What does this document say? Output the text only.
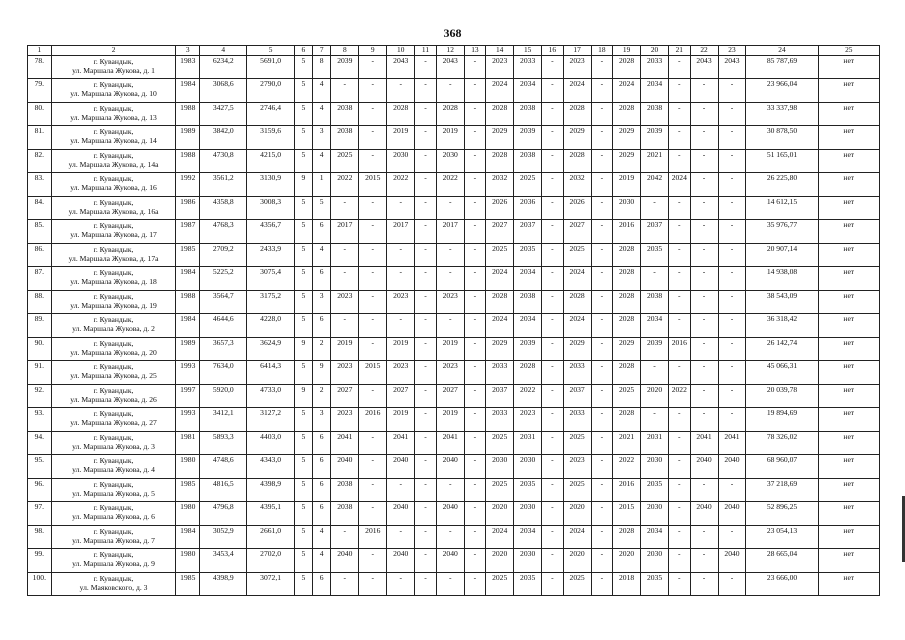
368
1	2	3	4	5	6	7	8	9	10	11	12	13	14	15	16	17	18	19	20	21	22	23	24	25
78.	г. Кувандык,
ул. Маршала Жукова, д. 1	1983	6234,2	5691,0	5	8	2039	-	2043	-	2043	-	2023	2033	-	2023	-	2028	2033	-	2043	2043	85 787,69	нет
79.	г. Кувандык,
ул. Маршала Жукова, д. 10	1984	3068,6	2790,0	5	4	-	-	-	-	-	-	2024	2034	-	2024	-	2024	2034	-	-	-	23 966,04	нет
80.	г. Кувандык,
ул. Маршала Жукова, д. 13	1988	3427,5	2746,4	5	4	2038	-	2028	-	2028	-	2028	2038	-	2028	-	2028	2038	-	-	-	33 337,98	нет
81.	г. Кувандык,
ул. Маршала Жукова, д. 14	1989	3842,0	3159,6	5	3	2038	-	2019	-	2019	-	2029	2039	-	2029	-	2029	2039	-	-	-	30 878,50	нет
82.	г. Кувандык,
ул. Маршала Жукова, д. 14а	1988	4730,8	4215,0	5	4	2025	-	2030	-	2030	-	2028	2038	-	2028	-	2029	2021	-	-	-	51 165,01	нет
83.	г. Кувандык,
ул. Маршала Жукова, д. 16	1992	3561,2	3130,9	9	1	2022	2015	2022	-	2022	-	2032	2025	-	2032	-	2019	2042	2024	-	-	26 225,80	нет
84.	г. Кувандык,
ул. Маршала Жукова, д. 16а	1986	4358,8	3008,3	5	5	-	-	-	-	-	-	2026	2036	-	2026	-	2030	-	-	-	-	14 612,15	нет
85.	г. Кувандык,
ул. Маршала Жукова, д. 17	1987	4768,3	4356,7	5	6	2017	-	2017	-	2017	-	2027	2037	-	2027	-	2016	2037	-	-	-	35 976,77	нет
86.	г. Кувандык,
ул. Маршала Жукова, д. 17а	1985	2709,2	2433,9	5	4	-	-	-	-	-	-	2025	2035	-	2025	-	2028	2035	-	-	-	20 907,14	нет
87.	г. Кувандык,
ул. Маршала Жукова, д. 18	1984	5225,2	3075,4	5	6	-	-	-	-	-	-	2024	2034	-	2024	-	2028	-	-	-	-	14 938,08	нет
88.	г. Кувандык,
ул. Маршала Жукова, д. 19	1988	3564,7	3175,2	5	3	2023	-	2023	-	2023	-	2028	2038	-	2028	-	2028	2038	-	-	-	38 543,09	нет
89.	г. Кувандык,
ул. Маршала Жукова, д. 2	1984	4644,6	4228,0	5	6	-	-	-	-	-	-	2024	2034	-	2024	-	2028	2034	-	-	-	36 318,42	нет
90.	г. Кувандык,
ул. Маршала Жукова, д. 20	1989	3657,3	3624,9	9	2	2019	-	2019	-	2019	-	2029	2039	-	2029	-	2029	2039	2016	-	-	26 142,74	нет
91.	г. Кувандык,
ул. Маршала Жукова, д. 25	1993	7634,0	6414,3	5	9	2023	2015	2023	-	2023	-	2033	2028	-	2033	-	2028	-	-	-	-	45 066,31	нет
92.	г. Кувандык,
ул. Маршала Жукова, д. 26	1997	5920,0	4733,0	9	2	2027	-	2027	-	2027	-	2037	2022	-	2037	-	2025	2020	2022	-	-	20 039,78	нет
93.	г. Кувандык,
ул. Маршала Жукова, д. 27	1993	3412,1	3127,2	5	3	2023	2016	2019	-	2019	-	2033	2023	-	2033	-	2028	-	-	-	-	19 894,69	нет
94.	г. Кувандык,
ул. Маршала Жукова, д. 3	1981	5893,3	4403,0	5	6	2041	-	2041	-	2041	-	2025	2031	-	2025	-	2021	2031	-	2041	2041	78 326,02	нет
95.	г. Кувандык,
ул. Маршала Жукова, д. 4	1980	4748,6	4343,0	5	6	2040	-	2040	-	2040	-	2030	2030	-	2023	-	2022	2030	-	2040	2040	68 960,07	нет
96.	г. Кувандык,
ул. Маршала Жукова, д. 5	1985	4816,5	4398,9	5	6	2038	-	-	-	-	-	2025	2035	-	2025	-	2016	2035	-	-	-	37 218,69	нет
97.	г. Кувандык,
ул. Маршала Жукова, д. 6	1980	4796,8	4395,1	5	6	2038	-	2040	-	2040	-	2020	2030	-	2020	-	2015	2030	-	2040	2040	52 896,25	нет
98.	г. Кувандык,
ул. Маршала Жукова, д. 7	1984	3052,9	2661,0	5	4	-	2016	-	-	-	-	2024	2034	-	2024	-	2028	2034	-	-	-	23 054,13	нет
99.	г. Кувандык,
ул. Маршала Жукова, д. 9	1980	3453,4	2702,0	5	4	2040	-	2040	-	2040	-	2020	2030	-	2020	-	2020	2030	-	-	2040	28 665,04	нет
100.	г. Кувандык,
ул. Маяковского, д. 3	1985	4398,9	3072,1	5	6	-	-	-	-	-	-	2025	2035	-	2025	-	2018	2035	-	-	-	23 666,00	нет
